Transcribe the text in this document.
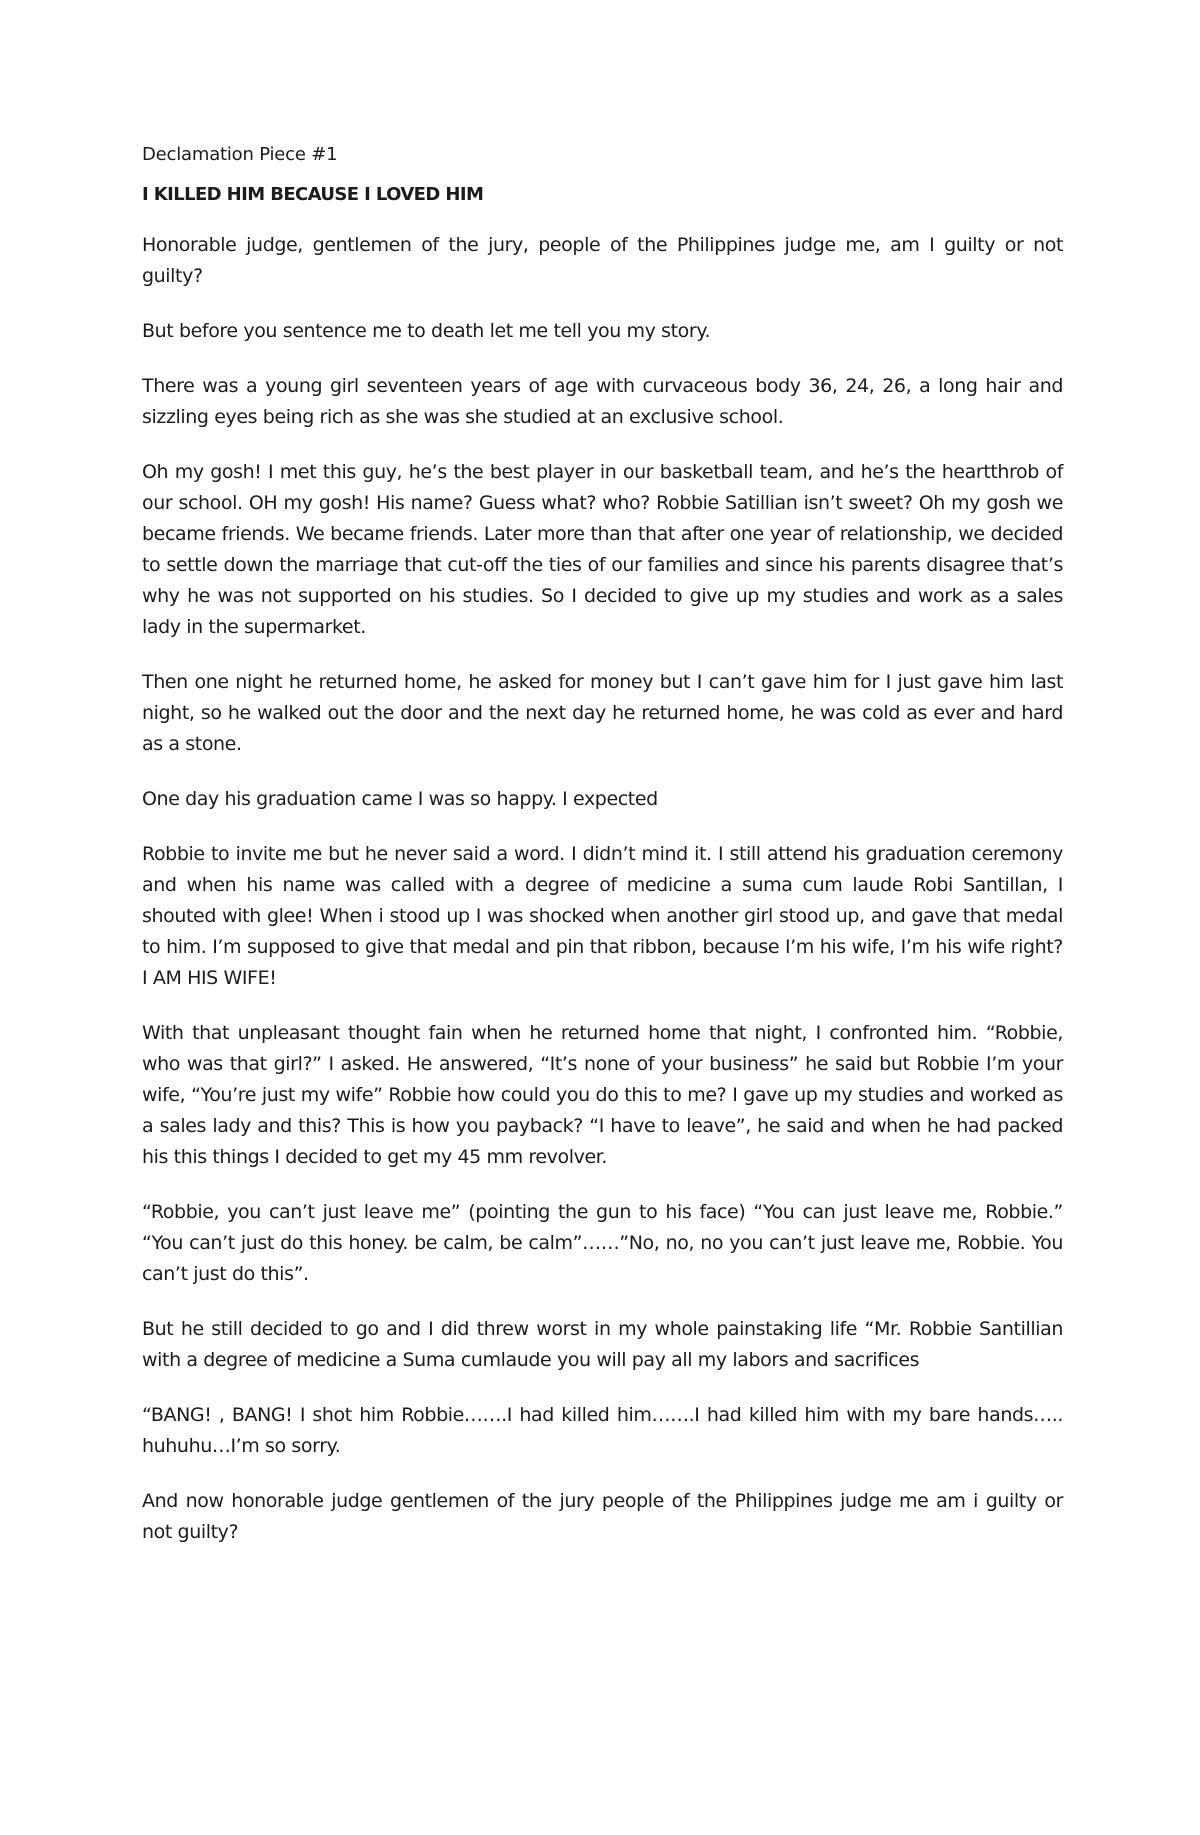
Declamation Piece #1
I KILLED HIM BECAUSE I LOVED HIM

Honorable judge, gentlemen of the jury, people of the Philippines judge me, am I guilty or not guilty?

But before you sentence me to death let me tell you my story.

There was a young girl seventeen years of age with curvaceous body 36, 24, 26, a long hair and sizzling eyes being rich as she was she studied at an exclusive school.

Oh my gosh! I met this guy, he’s the best player in our basketball team, and he’s the heartthrob of our school. OH my gosh! His name? Guess what? who? Robbie Satillian isn’t sweet? Oh my gosh we became friends. We became friends. Later more than that after one year of relationship, we decided to settle down the marriage that cut-off the ties of our families and since his parents disagree that’s why he was not supported on his studies. So I decided to give up my studies and work as a sales lady in the supermarket.

Then one night he returned home, he asked for money but I can’t gave him for I just gave him last night, so he walked out the door and the next day he returned home, he was cold as ever and hard as a stone.

One day his graduation came I was so happy. I expected

Robbie to invite me but he never said a word. I didn’t mind it. I still attend his graduation ceremony and when his name was called with a degree of medicine a suma cum laude Robi Santillan, I shouted with glee! When i stood up I was shocked when another girl stood up, and gave that medal to him. I’m supposed to give that medal and pin that ribbon, because I’m his wife, I’m his wife right? I AM HIS WIFE!

With that unpleasant thought fain when he returned home that night, I confronted him. “Robbie, who was that girl?” I asked. He answered, “It’s none of your business” he said but Robbie I’m your wife, “You’re just my wife” Robbie how could you do this to me? I gave up my studies and worked as a sales lady and this? This is how you payback? “I have to leave”, he said and when he had packed his this things I decided to get my 45 mm revolver.

“Robbie, you can’t just leave me” (pointing the gun to his face) “You can just leave me, Robbie.” “You can’t just do this honey. be calm, be calm”……”No, no, no you can’t just leave me, Robbie. You can’t just do this”.

But he still decided to go and I did threw worst in my whole painstaking life “Mr. Robbie Santillian with a degree of medicine a Suma cumlaude you will pay all my labors and sacrifices

“BANG! , BANG! I shot him Robbie…….I had killed him…….I had killed him with my bare hands….. huhuhu…I’m so sorry.

And now honorable judge gentlemen of the jury people of the Philippines judge me am i guilty or not guilty?
